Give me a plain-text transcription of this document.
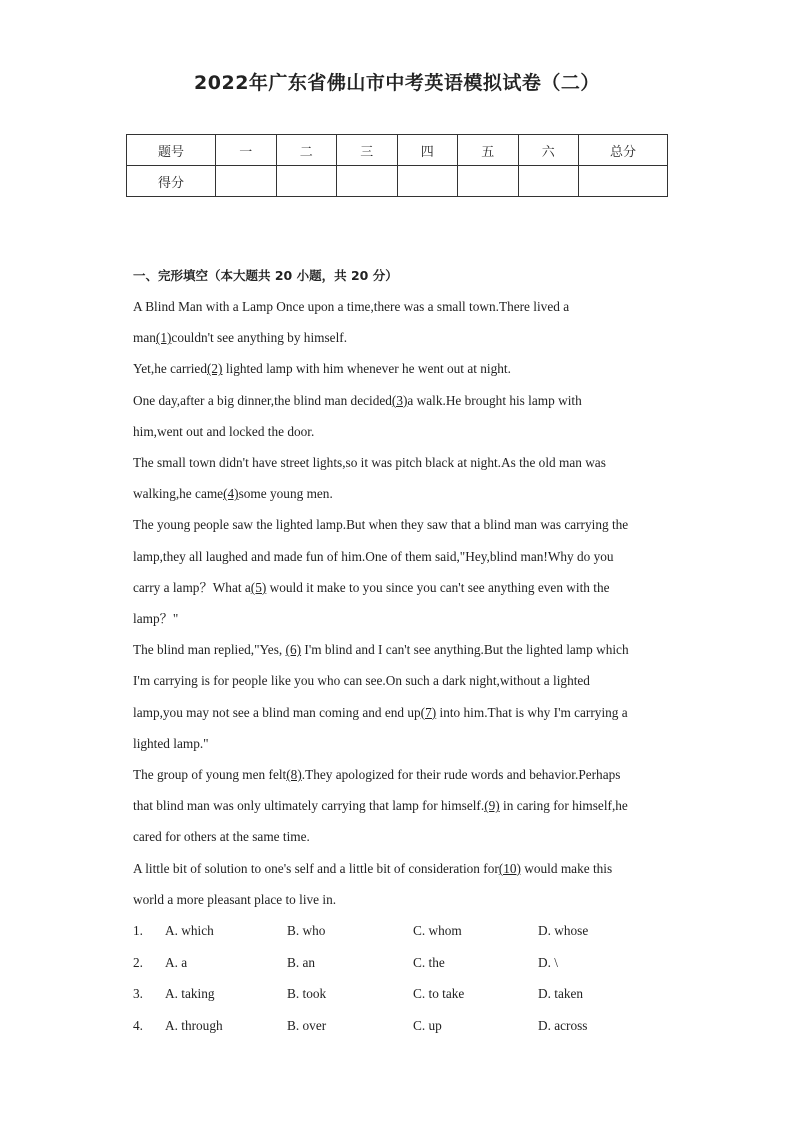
2022年广东省佛山市中考英语模拟试卷（二）
题号	一	二	三	四	五	六	总分
得分							
一、完形填空（本大题共 20 小题，共 20 分）
A Blind Man with a Lamp Once upon a time,there was a small town.There lived a
man(1)couldn't see anything by himself.
Yet,he carried(2) lighted lamp with him whenever he went out at night.
One day,after a big dinner,the blind man decided(3)a walk.He brought his lamp with
him,went out and locked the door.
The small town didn't have street lights,so it was pitch black at night.As the old man was
walking,he came(4)some young men.
The young people saw the lighted lamp.But when they saw that a blind man was carrying the
lamp,they all laughed and made fun of him.One of them said,"Hey,blind man!Why do you
carry a lamp？What a(5) would it make to you since you can't see anything even with the
lamp？"
The blind man replied,"Yes, (6) I'm blind and I can't see anything.But the lighted lamp which
I'm carrying is for people like you who can see.On such a dark night,without a lighted
lamp,you may not see a blind man coming and end up(7) into him.That is why I'm carrying a
lighted lamp."
The group of young men felt(8).They apologized for their rude words and behavior.Perhaps
that blind man was only ultimately carrying that lamp for himself.(9) in caring for himself,he
cared for others at the same time.
A little bit of solution to one's self and a little bit of consideration for(10) would make this
world a more pleasant place to live in.
1. A. which	B. who	C. whom	D. whose
2. A. a	B. an	C. the	D. \
3. A. taking	B. took	C. to take	D. taken
4. A. through	B. over	C. up	D. across
